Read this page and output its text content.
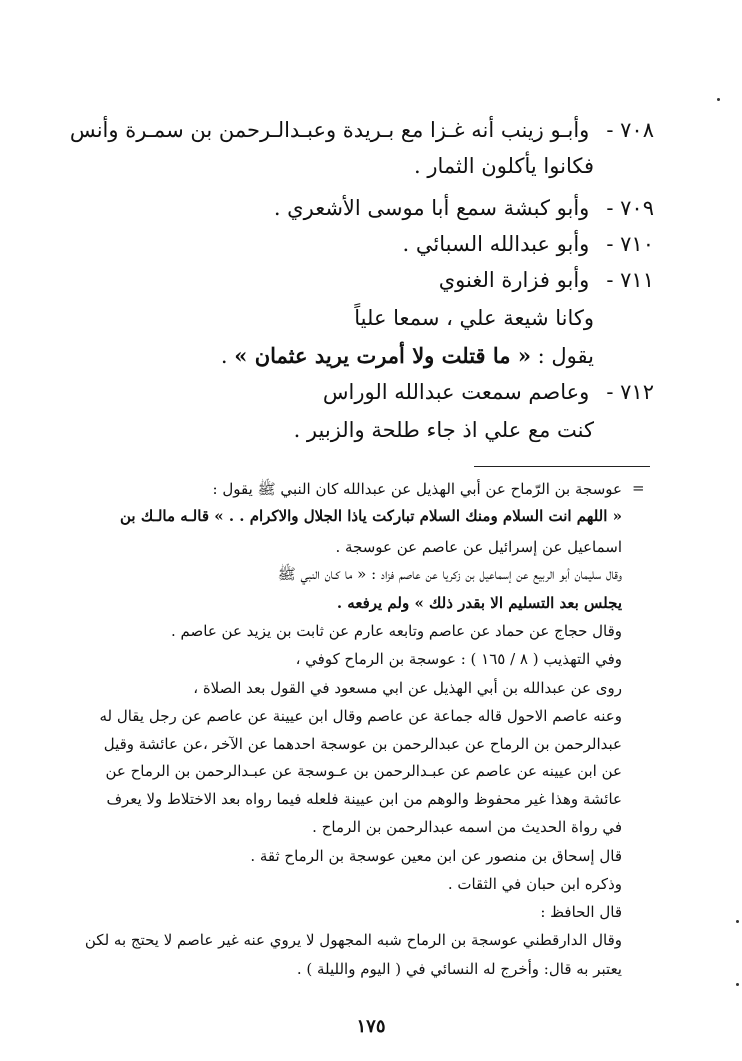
٧٠٨ - وأبـو زينب أنه غـزا مع بـريدة وعبـدالـرحمن بن سمـرة وأنس
فكانوا يأكلون الثمار .
٧٠٩ - وأبو كبشة سمع أبا موسى الأشعري .
٧١٠ - وأبو عبدالله السبائي .
٧١١ - وأبو فزارة الغنوي
وكانا شيعة علي ، سمعا علياً
يقول : « ما قتلت ولا أمرت يريد عثمان » .
٧١٢ - وعاصم سمعت عبدالله الوراس
كنت مع علي اذ جاء طلحة والزبير .
=
عوسجة بن الرّماح عن أبي الهذيل عن عبدالله كان النبي ﷺ يقول :
« اللهم انت السلام ومنك السلام تباركت ياذا الجلال والاكرام . . » قالـه مالـك بن
اسماعيل عن إسرائيل عن عاصم عن عوسجة .
وقال سليمان أبو الربيع عن إسماعيل بن زكريا عن عاصم فزاد : « ما كـان النبي ﷺ
يجلس بعد التسليم الا بقدر ذلك » ولم يرفعه .
وقال حجاج عن حماد عن عاصم وتابعه عارم عن ثابت بن يزيد عن عاصم .
وفي التهذيب ( ٨ / ١٦٥ ) : عوسجة بن الرماح كوفي ،
روى عن عبدالله بن أبي الهذيل عن ابي مسعود في القول بعد الصلاة ،
وعنه عاصم الاحول قاله جماعة عن عاصم وقال ابن عيينة عن عاصم عن رجل يقال له
عبدالرحمن بن الرماح عن عبدالرحمن بن عوسجة احدهما عن الآخر ،عن عائشة وقيل
عن ابن عيينه عن عاصم عن عبـدالرحمن بن عـوسجة عن عبـدالرحمن بن الرماح عن
عائشة وهذا غير محفوظ والوهم من ابن عيينة فلعله فيما رواه بعد الاختلاط ولا يعرف
في رواة الحديث من اسمه عبدالرحمن بن الرماح .
قال إسحاق بن منصور عن ابن معين عوسجة بن الرماح ثقة .
وذكره ابن حبان في الثقات .
قال الحافظ :
وقال الدارقطني عوسجة بن الرماح شبه المجهول لا يروي عنه غير عاصم لا يحتج به لكن
يعتبر به قال: وأخرج له النسائي في ( اليوم والليلة ) .
١٧٥
